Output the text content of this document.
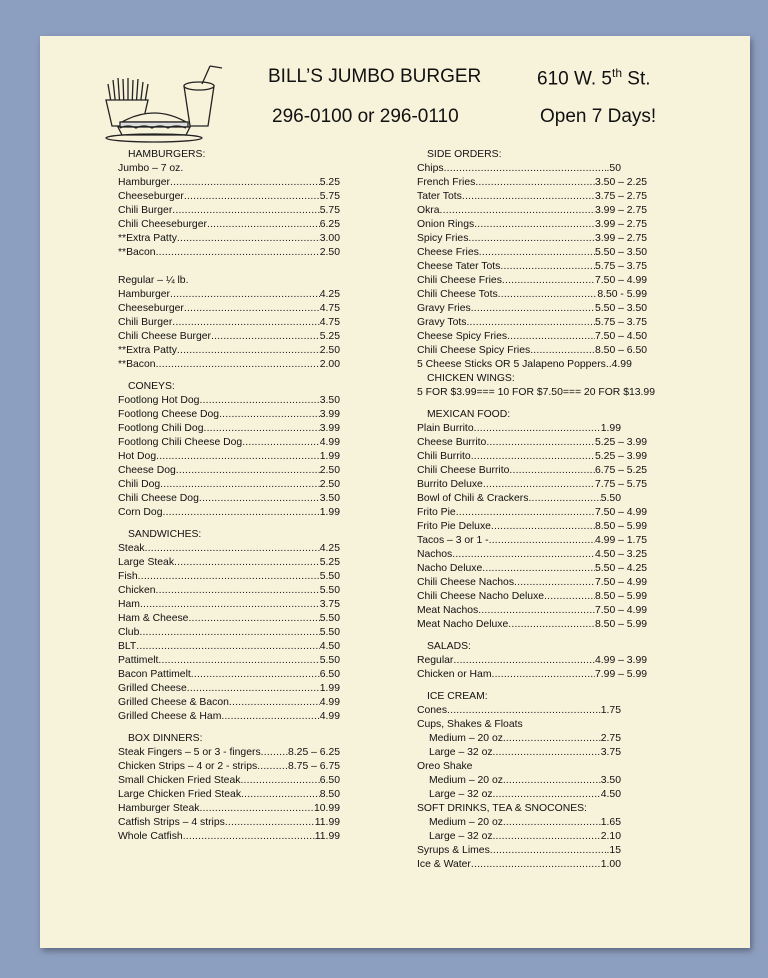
BILL’S JUMBO BURGER	610 W. 5th St.
296-0100 or 296-0110	Open 7 Days!
HAMBURGERS:
Jumbo – 7 oz.
Hamburger .....	5.25
Cheeseburger .....	5.75
Chili Burger .....	5.75
Chili Cheeseburger .....	6.25
**Extra Patty .....	3.00
**Bacon .....	2.50
Regular – ¼ lb.
Hamburger .....	4.25
Cheeseburger .....	4.75
Chili Burger .....	4.75
Chili Cheese Burger .....	5.25
**Extra Patty .....	2.50
**Bacon .....	2.00
CONEYS:
Footlong Hot Dog .....	3.50
Footlong Cheese Dog .....	3.99
Footlong Chili Dog .....	3.99
Footlong Chili Cheese Dog .....	4.99
Hot Dog .....	1.99
Cheese Dog .....	2.50
Chili Dog .....	2.50
Chili Cheese Dog .....	3.50
Corn Dog .....	1.99
SANDWICHES:
Steak .....	4.25
Large Steak .....	5.25
Fish .....	5.50
Chicken .....	5.50
Ham .....	3.75
Ham & Cheese .....	5.50
Club .....	5.50
BLT .....	4.50
Pattimelt .....	5.50
Bacon Pattimelt .....	6.50
Grilled Cheese .....	1.99
Grilled Cheese & Bacon .....	4.99
Grilled Cheese & Ham .....	4.99
BOX DINNERS:
Steak Fingers – 5 or 3 - fingers .....	8.25 – 6.25
Chicken Strips – 4 or 2 - strips .....	8.75 – 6.75
Small Chicken Fried Steak .....	6.50
Large Chicken Fried Steak .....	8.50
Hamburger Steak .....	10.99
Catfish Strips – 4 strips .....	11.99
Whole Catfish .....	11.99
SIDE ORDERS:
Chips .....	.50
French Fries .....	3.50 – 2.25
Tater Tots .....	3.75 – 2.75
Okra .....	3.99 – 2.75
Onion Rings .....	3.99 – 2.75
Spicy Fries .....	3.99 – 2.75
Cheese Fries .....	5.50 – 3.50
Cheese Tater Tots .....	5.75 – 3.75
Chili Cheese Fries .....	7.50 – 4.99
Chili Cheese Tots .....	8.50 - 5.99
Gravy Fries .....	5.50 – 3.50
Gravy Tots .....	5.75 – 3.75
Cheese Spicy Fries .....	7.50 – 4.50
Chili Cheese Spicy Fries .....	8.50 – 6.50
5 Cheese Sticks OR 5 Jalapeno Poppers..4.99
CHICKEN WINGS:
5 FOR $3.99=== 10 FOR $7.50=== 20 FOR $13.99
MEXICAN FOOD:
Plain Burrito .....	1.99
Cheese Burrito .....	5.25 – 3.99
Chili Burrito .....	5.25 – 3.99
Chili Cheese Burrito .....	6.75 – 5.25
Burrito Deluxe .....	7.75 – 5.75
Bowl of Chili & Crackers .....	5.50
Frito Pie .....	7.50 – 4.99
Frito Pie Deluxe .....	8.50 – 5.99
Tacos – 3 or 1 - .....	4.99 – 1.75
Nachos .....	4.50 – 3.25
Nacho Deluxe .....	5.50 – 4.25
Chili Cheese Nachos .....	7.50 – 4.99
Chili Cheese Nacho Deluxe .....	8.50 – 5.99
Meat Nachos .....	7.50 – 4.99
Meat Nacho Deluxe .....	8.50 – 5.99
SALADS:
Regular .....	4.99 – 3.99
Chicken or Ham .....	7.99 – 5.99
ICE CREAM:
Cones .....	1.75
Cups, Shakes & Floats
Medium – 20 oz. .....	2.75
Large – 32 oz. .....	3.75
Oreo Shake
Medium – 20 oz. .....	3.50
Large – 32 oz. .....	4.50
SOFT DRINKS, TEA & SNOCONES:
Medium – 20 oz. .....	1.65
Large – 32 oz. .....	2.10
Syrups & Limes .....	.15
Ice & Water .....	1.00
